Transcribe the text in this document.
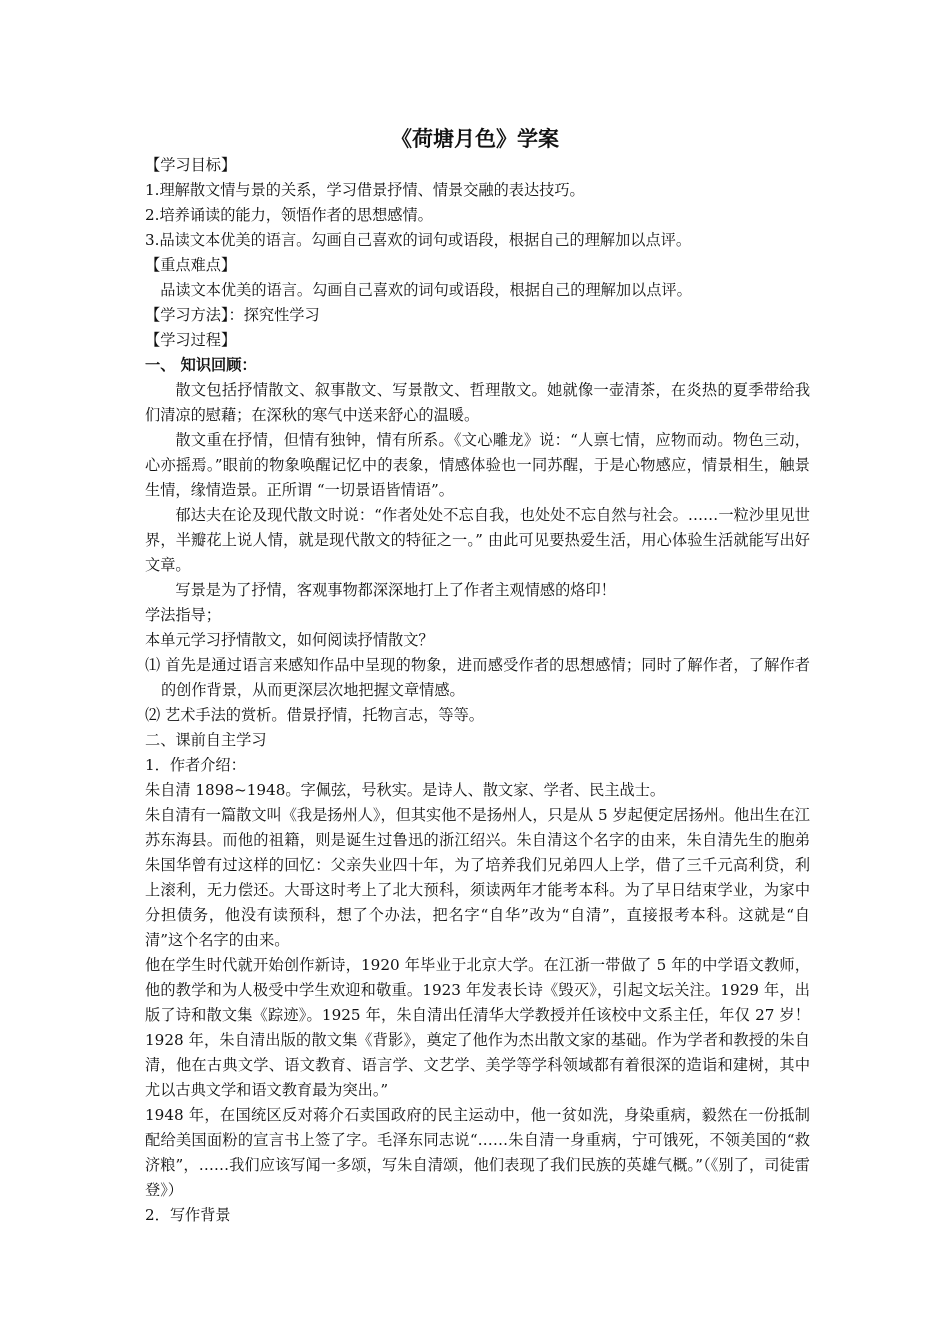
《荷塘月色》学案

【学习目标】

1.理解散文情与景的关系，学习借景抒情、情景交融的表达技巧。

2.培养诵读的能力，领悟作者的思想感情。

3.品读文本优美的语言。勾画自己喜欢的词句或语段，根据自己的理解加以点评。

【重点难点】

品读文本优美的语言。勾画自己喜欢的词句或语段，根据自己的理解加以点评。

【学习方法】：探究性学习

【学习过程】

一、 知识回顾：

散文包括抒情散文、叙事散文、写景散文、哲理散文。她就像一壶清茶，在炎热的夏季带给我们清凉的慰藉；在深秋的寒气中送来舒心的温暖。

散文重在抒情，但情有独钟，情有所系。《文心雕龙》说：“人禀七情，应物而动。物色三动，心亦摇焉。”眼前的物象唤醒记忆中的表象，情感体验也一同苏醒，于是心物感应，情景相生，触景生情，缘情造景。正所谓 “一切景语皆情语”。

郁达夫在论及现代散文时说：“作者处处不忘自我，也处处不忘自然与社会。……一粒沙里见世界，半瓣花上说人情，就是现代散文的特征之一。” 由此可见要热爱生活，用心体验生活就能写出好文章。

写景是为了抒情，客观事物都深深地打上了作者主观情感的烙印！

学法指导；

本单元学习抒情散文，如何阅读抒情散文？

⑴ 首先是通过语言来感知作品中呈现的物象，进而感受作者的思想感情；同时了解作者，了解作者的创作背景，从而更深层次地把握文章情感。

⑵ 艺术手法的赏析。借景抒情，托物言志，等等。

二、课前自主学习

1．作者介绍：

朱自清 1898~1948。字佩弦，号秋实。是诗人、散文家、学者、民主战士。

朱自清有一篇散文叫《我是扬州人》，但其实他不是扬州人，只是从 5 岁起便定居扬州。他出生在江苏东海县。而他的祖籍，则是诞生过鲁迅的浙江绍兴。朱自清这个名字的由来，朱自清先生的胞弟朱国华曾有过这样的回忆：父亲失业四十年，为了培养我们兄弟四人上学，借了三千元高利贷，利上滚利，无力偿还。大哥这时考上了北大预科，须读两年才能考本科。为了早日结束学业，为家中分担债务，他没有读预科，想了个办法，把名字“自华”改为“自清”，直接报考本科。这就是“自清”这个名字的由来。

他在学生时代就开始创作新诗，1920 年毕业于北京大学。在江浙一带做了 5 年的中学语文教师，他的教学和为人极受中学生欢迎和敬重。1923 年发表长诗《毁灭》，引起文坛关注。1929 年，出版了诗和散文集《踪迹》。1925 年，朱自清出任清华大学教授并任该校中文系主任，年仅 27 岁！ 1928 年，朱自清出版的散文集《背影》，奠定了他作为杰出散文家的基础。作为学者和教授的朱自清，他在古典文学、语文教育、语言学、文艺学、美学等学科领域都有着很深的造诣和建树，其中尤以古典文学和语文教育最为突出。”

1948 年，在国统区反对蒋介石卖国政府的民主运动中，他一贫如洗，身染重病，毅然在一份抵制配给美国面粉的宣言书上签了字。毛泽东同志说“……朱自清一身重病，宁可饿死，不领美国的“救济粮”，……我们应该写闻一多颂，写朱自清颂，他们表现了我们民族的英雄气概。”（《别了，司徒雷登》）

2．写作背景
